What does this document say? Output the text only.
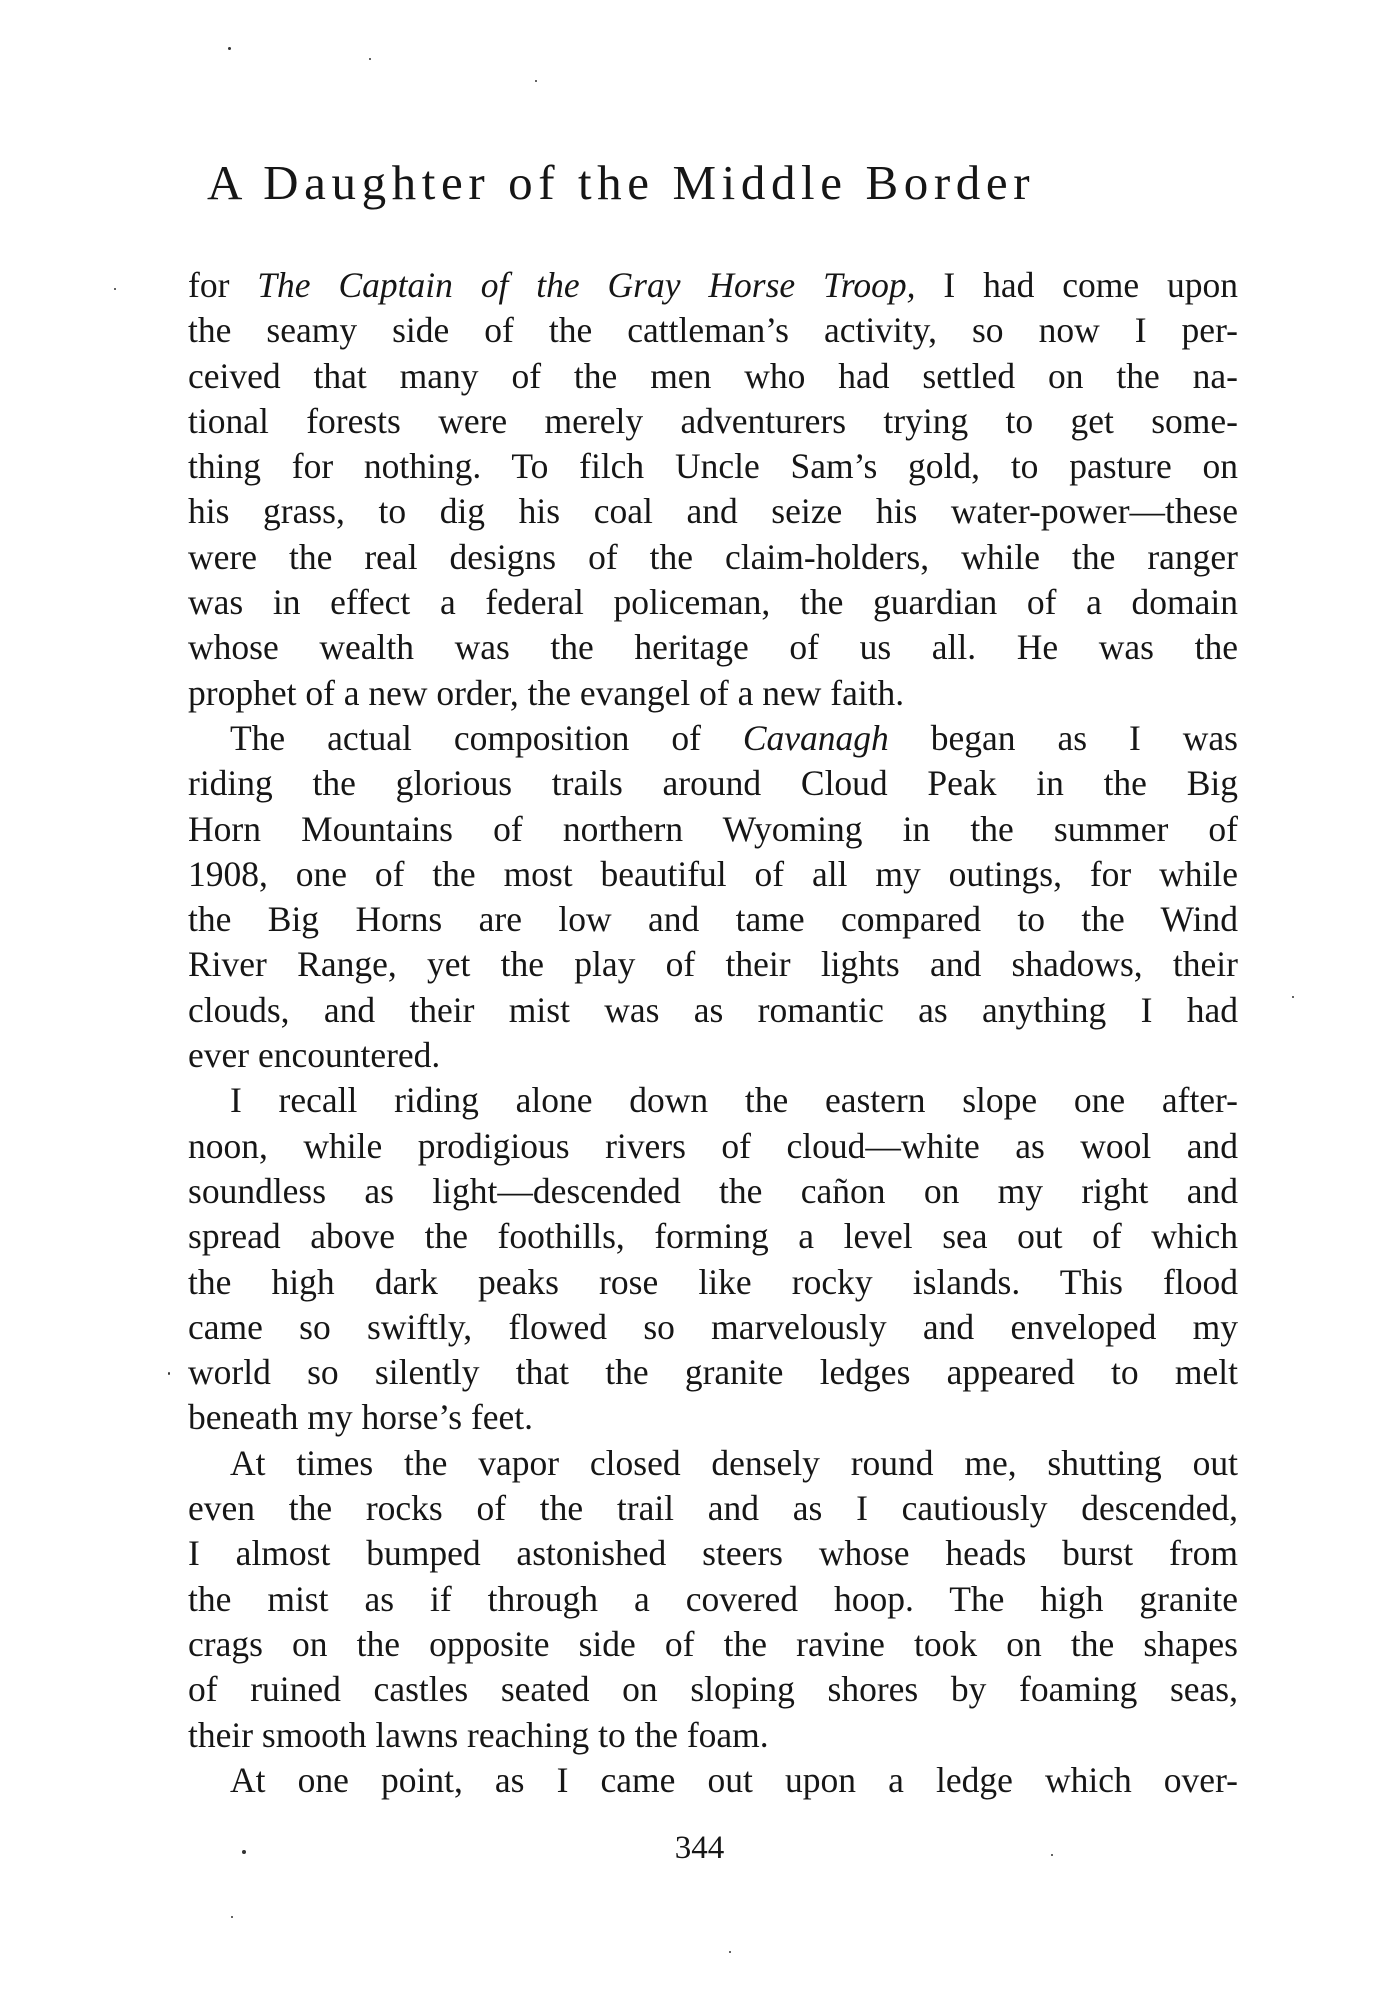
A Daughter of the Middle Border
for The Captain of the Gray Horse Troop, I had come upon
the seamy side of the cattleman’s activity, so now I per-
ceived that many of the men who had settled on the na-
tional forests were merely adventurers trying to get some-
thing for nothing. To filch Uncle Sam’s gold, to pasture on
his grass, to dig his coal and seize his water-power—these
were the real designs of the claim-holders, while the ranger
was in effect a federal policeman, the guardian of a domain
whose wealth was the heritage of us all. He was the
prophet of a new order, the evangel of a new faith.
The actual composition of Cavanagh began as I was
riding the glorious trails around Cloud Peak in the Big
Horn Mountains of northern Wyoming in the summer of
1908, one of the most beautiful of all my outings, for while
the Big Horns are low and tame compared to the Wind
River Range, yet the play of their lights and shadows, their
clouds, and their mist was as romantic as anything I had
ever encountered.
I recall riding alone down the eastern slope one after-
noon, while prodigious rivers of cloud—white as wool and
soundless as light—descended the cañon on my right and
spread above the foothills, forming a level sea out of which
the high dark peaks rose like rocky islands. This flood
came so swiftly, flowed so marvelously and enveloped my
world so silently that the granite ledges appeared to melt
beneath my horse’s feet.
At times the vapor closed densely round me, shutting out
even the rocks of the trail and as I cautiously descended,
I almost bumped astonished steers whose heads burst from
the mist as if through a covered hoop. The high granite
crags on the opposite side of the ravine took on the shapes
of ruined castles seated on sloping shores by foaming seas,
their smooth lawns reaching to the foam.
At one point, as I came out upon a ledge which over-
344
